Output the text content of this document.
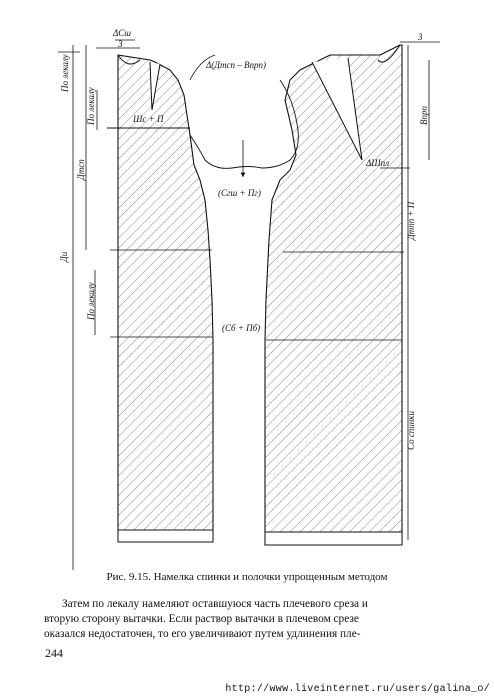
ΔCш
3
3
Δ(Дтсп – Впрп)
Шс + П
(Сгш + Пг)
ΔШпл
(Сб + Пб)
По лекалу
По лекалу
Дтсп
Ди
По лекалу
Впрп
Дтпп + П
Со спинки
Рис. 9.15. Намелка спинки и полочки упрощенным методом
Затем по лекалу намеляют оставшуюся часть плечевого среза и
вторую сторону вытачки. Если раствор вытачки в плечевом срезе
оказался недостаточен, то его увеличивают путем удлинения пле-
244
http://www.liveinternet.ru/users/galina_o/
